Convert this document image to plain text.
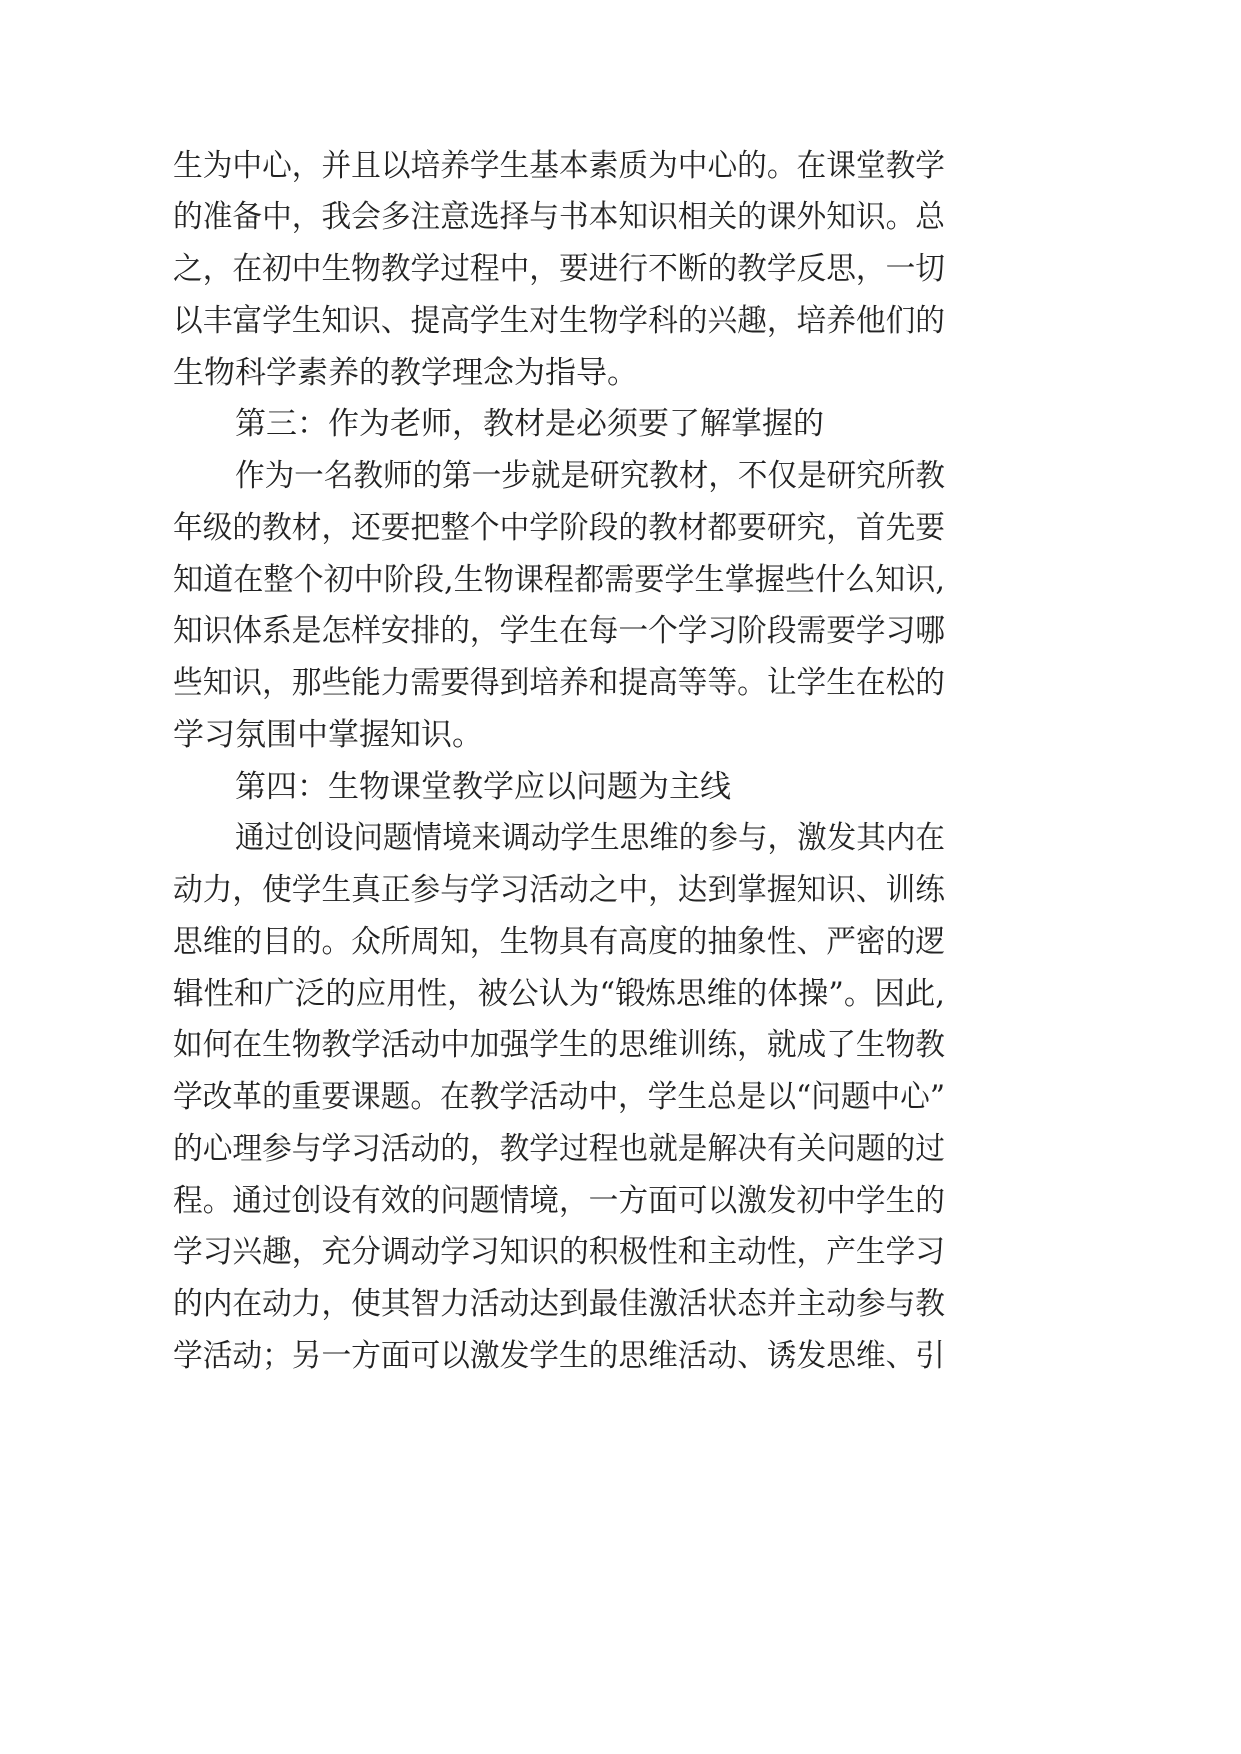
生为中心，并且以培养学生基本素质为中心的。在课堂教学
的准备中，我会多注意选择与书本知识相关的课外知识。总
之，在初中生物教学过程中，要进行不断的教学反思，一切
以丰富学生知识、提高学生对生物学科的兴趣，培养他们的
生物科学素养的教学理念为指导。
第三：作为老师，教材是必须要了解掌握的
作为一名教师的第一步就是研究教材，不仅是研究所教
年级的教材，还要把整个中学阶段的教材都要研究，首先要
知道在整个初中阶段,生物课程都需要学生掌握些什么知识,
知识体系是怎样安排的，学生在每一个学习阶段需要学习哪
些知识，那些能力需要得到培养和提高等等。让学生在松的
学习氛围中掌握知识。
第四：生物课堂教学应以问题为主线
通过创设问题情境来调动学生思维的参与，激发其内在
动力，使学生真正参与学习活动之中，达到掌握知识、训练
思维的目的。众所周知，生物具有高度的抽象性、严密的逻
辑性和广泛的应用性，被公认为“锻炼思维的体操”。因此,
如何在生物教学活动中加强学生的思维训练，就成了生物教
学改革的重要课题。在教学活动中，学生总是以“问题中心”
的心理参与学习活动的，教学过程也就是解决有关问题的过
程。通过创设有效的问题情境，一方面可以激发初中学生的
学习兴趣，充分调动学习知识的积极性和主动性，产生学习
的内在动力，使其智力活动达到最佳激活状态并主动参与教
学活动；另一方面可以激发学生的思维活动、诱发思维、引
